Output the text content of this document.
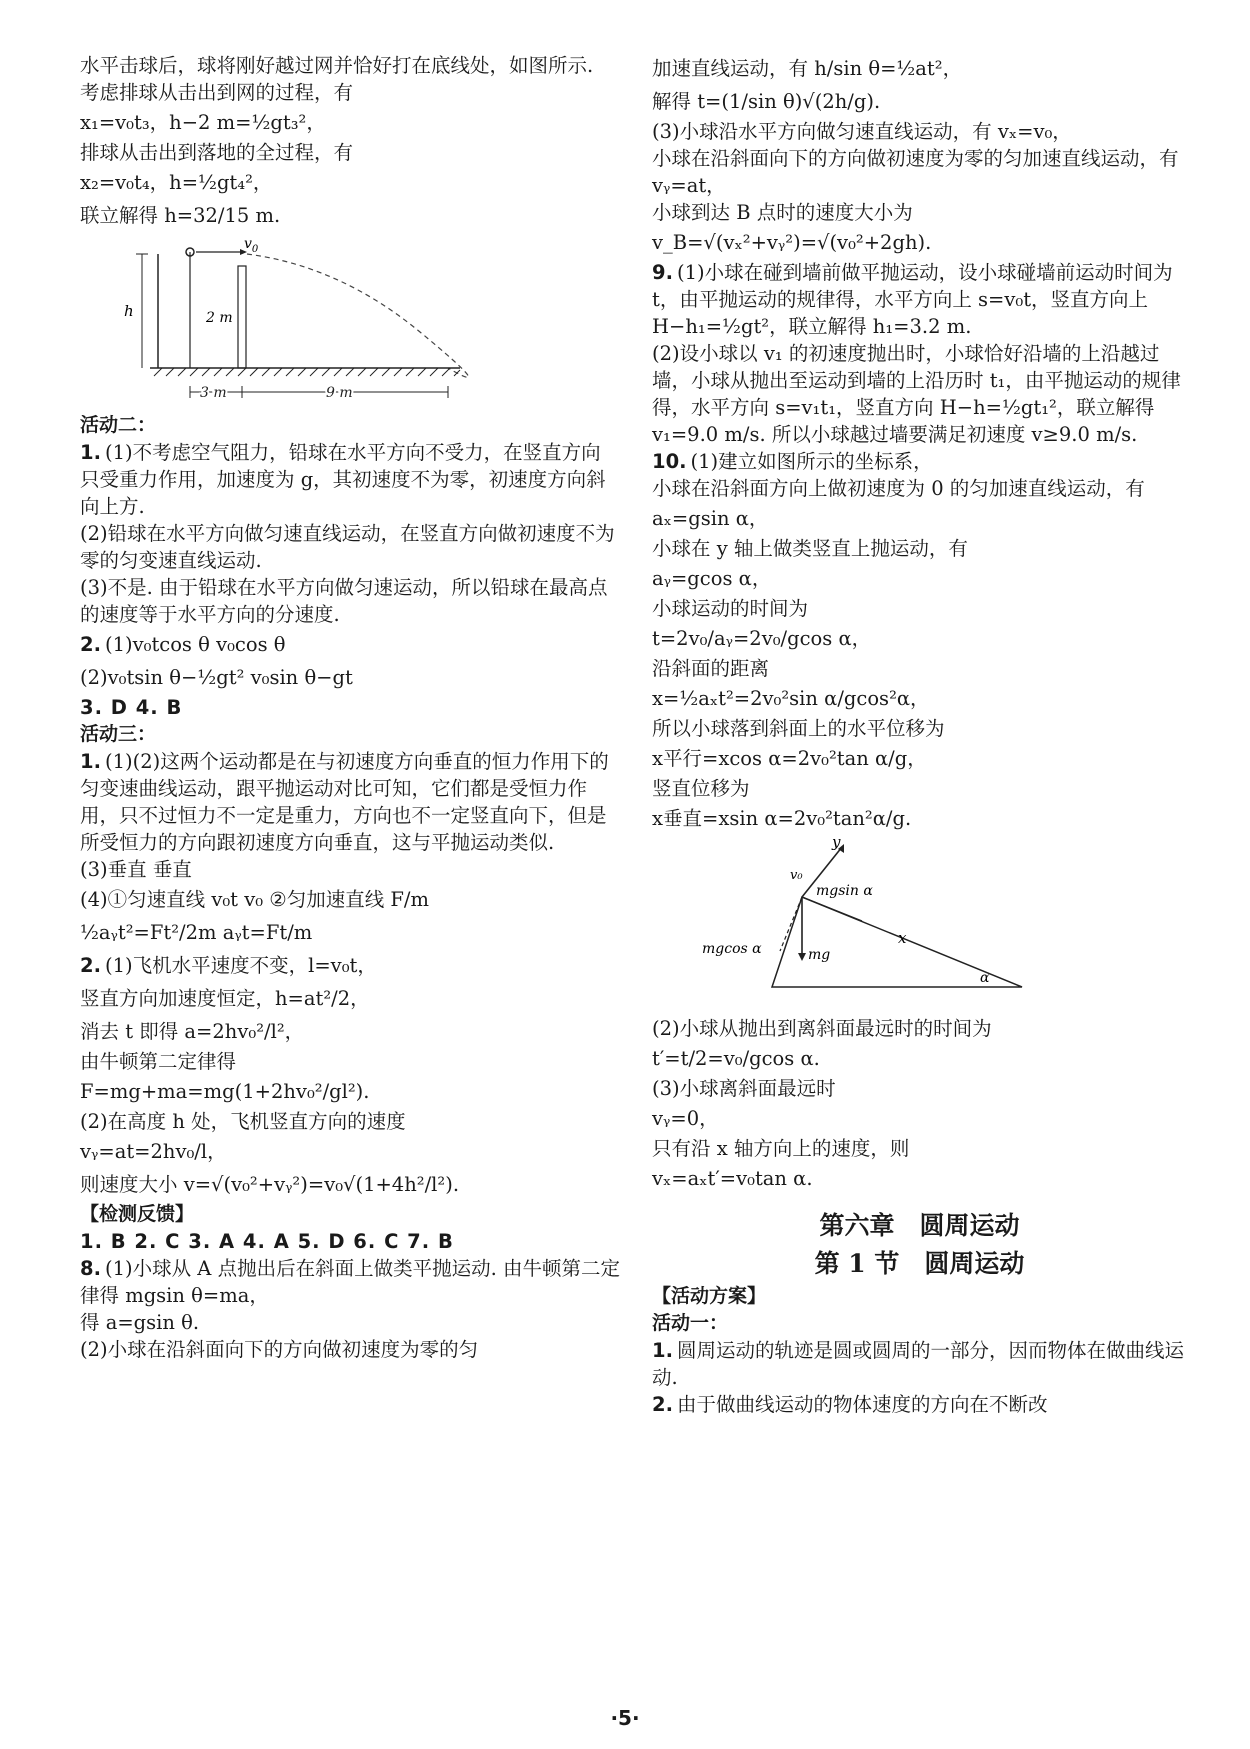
水平击球后，球将刚好越过网并恰好打在底线处，如图所示.

考虑排球从击出到网的过程，有

x₁=v₀t₃，h−2 m=½gt₃²，

排球从击出到落地的全过程，有

x₂=v₀t₄，h=½gt₄²，

联立解得 h=32/15 m.

$v_0$
h	2 m
3 m	9 m

活动二：

1. (1)不考虑空气阻力，铅球在水平方向不受力，在竖直方向只受重力作用，加速度为 g，其初速度不为零，初速度方向斜向上方.

(2)铅球在水平方向做匀速直线运动，在竖直方向做初速度不为零的匀变速直线运动.

(3)不是. 由于铅球在水平方向做匀速运动，所以铅球在最高点的速度等于水平方向的分速度.

2. (1)v₀tcos θ v₀cos θ

(2)v₀tsin θ−½gt² v₀sin θ−gt

3. D 4. B

活动三：

1. (1)(2)这两个运动都是在与初速度方向垂直的恒力作用下的匀变速曲线运动，跟平抛运动对比可知，它们都是受恒力作用，只不过恒力不一定是重力，方向也不一定竖直向下，但是所受恒力的方向跟初速度方向垂直，这与平抛运动类似.

(3)垂直 垂直

(4)①匀速直线 v₀t v₀ ②匀加速直线 F/m

½aᵧt²=Ft²/2m aᵧt=Ft/m

2. (1)飞机水平速度不变，l=v₀t，

竖直方向加速度恒定，h=at²/2，

消去 t 即得 a=2hv₀²/l²，

由牛顿第二定律得

F=mg+ma=mg(1+2hv₀²/gl²).

(2)在高度 h 处，飞机竖直方向的速度

vᵧ=at=2hv₀/l，

则速度大小 v=√(v₀²+vᵧ²)=v₀√(1+4h²/l²).

【检测反馈】

1. B 2. C 3. A 4. A 5. D 6. C 7. B

8. (1)小球从 A 点抛出后在斜面上做类平抛运动. 由牛顿第二定律得 mgsin θ=ma，

得 a=gsin θ.

(2)小球在沿斜面向下的方向做初速度为零的匀

加速直线运动，有 h/sin θ=½at²，

解得 t=(1/sin θ)√(2h/g).

(3)小球沿水平方向做匀速直线运动，有 vₓ=v₀，

小球在沿斜面向下的方向做初速度为零的匀加速直线运动，有 vᵧ=at，

小球到达 B 点时的速度大小为

v_B=√(vₓ²+vᵧ²)=√(v₀²+2gh).

9. (1)小球在碰到墙前做平抛运动，设小球碰墙前运动时间为 t，由平抛运动的规律得，水平方向上 s=v₀t，竖直方向上 H−h₁=½gt²，联立解得 h₁=3.2 m.

(2)设小球以 v₁ 的初速度抛出时，小球恰好沿墙的上沿越过墙，小球从抛出至运动到墙的上沿历时 t₁，由平抛运动的规律得，水平方向 s=v₁t₁，竖直方向 H−h=½gt₁²，联立解得 v₁=9.0 m/s. 所以小球越过墙要满足初速度 v≥9.0 m/s.

10. (1)建立如图所示的坐标系，

小球在沿斜面方向上做初速度为 0 的匀加速直线运动，有

aₓ=gsin α，

小球在 y 轴上做类竖直上抛运动，有

aᵧ=gcos α，

小球运动的时间为

t=2v₀/aᵧ=2v₀/gcos α，

沿斜面的距离

x=½aₓt²=2v₀²sin α/gcos²α，

所以小球落到斜面上的水平位移为

x平行=xcos α=2v₀²tan α/g，

竖直位移为

x垂直=xsin α=2v₀²tan²α/g.

y
v₀
mgsin α
mg
mgcos α
x
α

(2)小球从抛出到离斜面最远时的时间为

t′=t/2=v₀/gcos α.

(3)小球离斜面最远时

vᵧ=0，

只有沿 x 轴方向上的速度，则

vₓ=aₓt′=v₀tan α.

第六章　圆周运动

第 1 节　圆周运动

【活动方案】

活动一：

1. 圆周运动的轨迹是圆或圆周的一部分，因而物体在做曲线运动.

2. 由于做曲线运动的物体速度的方向在不断改

·5·
